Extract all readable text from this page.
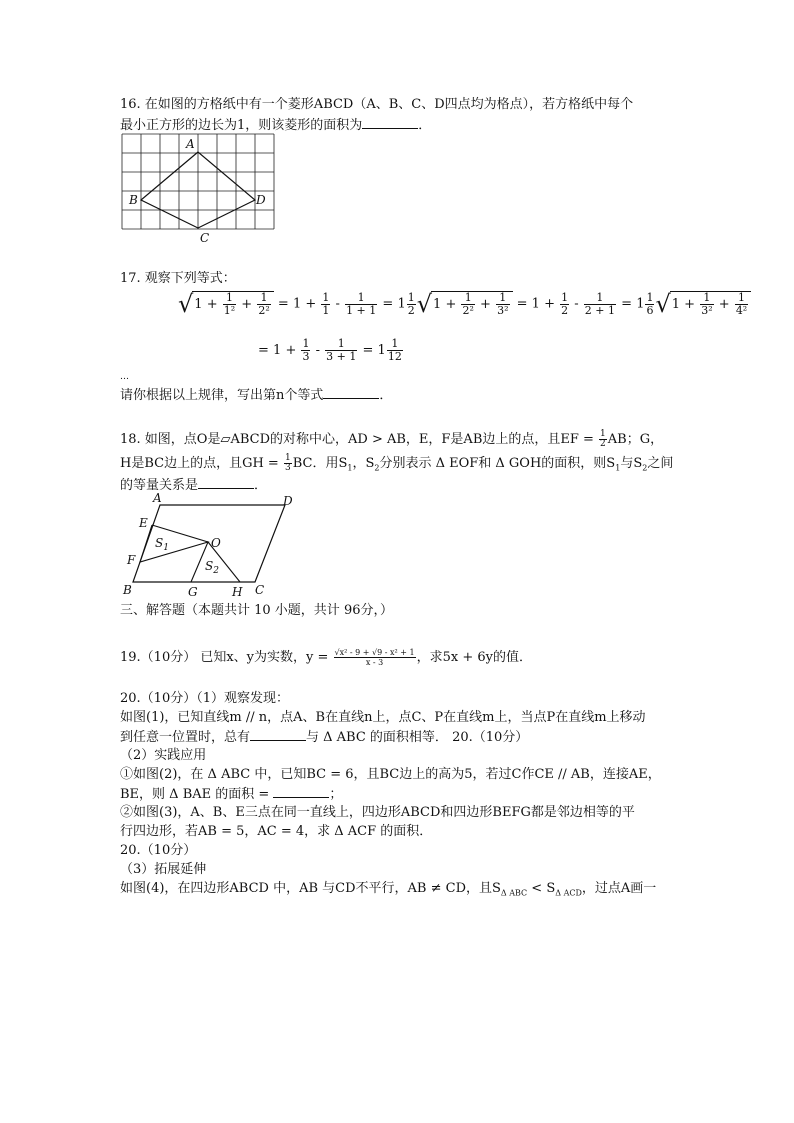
16. 在如图的方格纸中有一个菱形ABCD（A、B、C、D四点均为格点），若方格纸中每个
最小正方形的边长为1，则该菱形的面积为	．
A
B
C
D
17. 观察下列等式：
$√1 + \frac{1}{\text{1²}} + \frac{1}{\text{2²}} = 1 + \frac{1}{1} - \frac{1}{1 + 1} = 1 \frac{1}{2} √1 + \frac{1}{\text{2²}} + \frac{1}{\text{3²}} = 1 + \frac{1}{2} - \frac{1}{2 + 1} = 1 \frac{1}{6} √1 + \frac{1}{\text{3²}} + \frac{1}{\text{4²}}$
= $1 + \frac{1}{3} - \frac{1}{3 + 1} = 1 \frac{1}{12}$
…
请你根据以上规律，写出第n个等式	．
18. 如图，点O是▱ABCD的对称中心，AD > AB，E，F是AB边上的点，且EF = $\frac{1}{2}$ AB；G，
H是BC边上的点，且GH = $\frac{1}{3}$ BC．用$S_1$，$S_2$分别表示 Δ EOF和 Δ GOH的面积，则$S_1$与$S_2$之间
的等量关系是	．
A	D
E
F
B	G	H C
O
$S_1$
$S_2$
三、解答题（本题共计 10 小题，共计 96分，）
19.（10分） 已知x、y为实数，$y = \frac{\text{√x² - 9 + √9 - x² + 1}}{x - 3}$ ，求5x + 6y的值．
20.（10分）（1）观察发现：
如图(1)，已知直线m // n，点A、B在直线n上，点C、P在直线m上，当点P在直线m上移动
到任意一位置时，总有	与 Δ ABC 的面积相等． 20.（10分）
（2）实践应用
①如图(2)，在 Δ ABC 中，已知BC = 6，且BC边上的高为5，若过C作CE // AB，连接AE，
BE，则 Δ BAE 的面积 =	；
②如图(3)，A、B、E三点在同一直线上，四边形ABCD和四边形BEFG都是邻边相等的平
行四边形，若AB = 5，AC = 4，求 Δ ACF 的面积．
20.（10分）
（3）拓展延伸
如图(4)，在四边形ABCD 中，AB 与CD不平行，AB ≠ CD，且$S_{\Delta ABC} < S_{\Delta ACD}$，过点A画一
